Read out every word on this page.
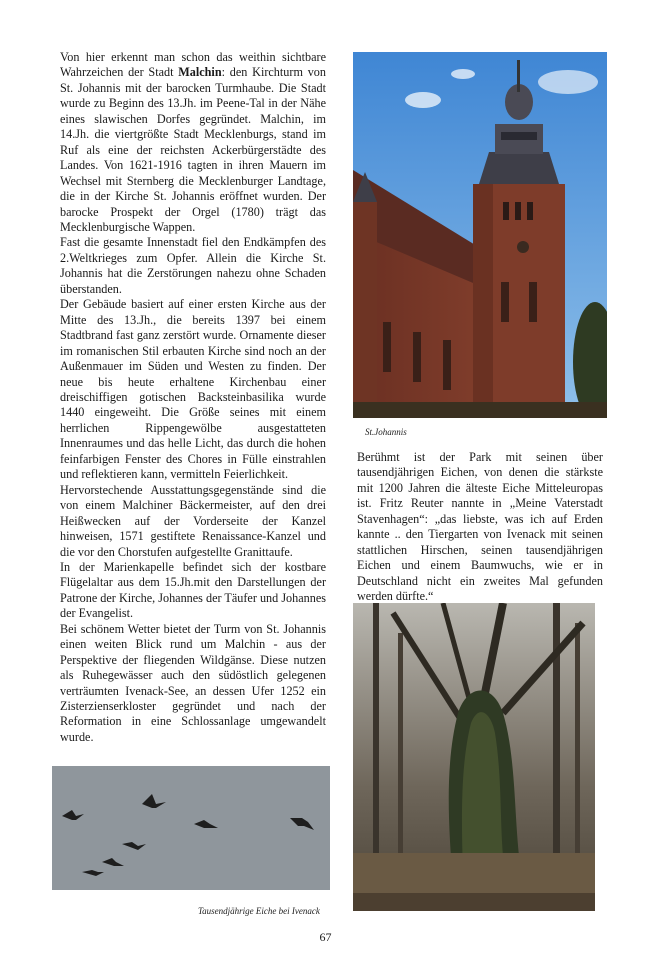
Von hier erkennt man schon das weithin sichtbare Wahrzeichen der Stadt Malchin: den Kirchturm von St. Johannis mit der barocken Turmhaube. Die Stadt wurde zu Beginn des 13.Jh. im Peene-Tal in der Nähe eines slawischen Dorfes gegründet. Malchin, im 14.Jh. die viertgrößte Stadt Mecklenburgs, stand im Ruf als eine der reichsten Ackerbürgerstädte des Landes. Von 1621-1916 tagten in ihren Mauern im Wechsel mit Sternberg die Mecklenburger Landtage, die in der Kirche St. Johannis eröffnet wurden. Der barocke Prospekt der Orgel (1780) trägt das Mecklenburgische Wappen.

Fast die gesamte Innenstadt fiel den Endkämpfen des 2.Weltkrieges zum Opfer. Allein die Kirche St. Johannis hat die Zerstörungen nahezu ohne Schaden überstanden.

Der Gebäude basiert auf einer ersten Kirche aus der Mitte des 13.Jh., die bereits 1397 bei einem Stadtbrand fast ganz zerstört wurde. Ornamente dieser im romanischen Stil erbauten Kirche sind noch an der Außenmauer im Süden und Westen zu finden. Der neue bis heute erhaltene Kirchenbau einer dreischiffigen gotischen Backsteinbasilika wurde 1440 eingeweiht. Die Größe seines mit einem herrlichen Rippengewölbe ausgestatteten Innenraumes und das helle Licht, das durch die hohen feinfarbigen Fenster des Chores in Fülle einstrahlen und reflektieren kann, vermitteln Feierlichkeit.

Hervorstechende Ausstattungsgegenstände sind die von einem Malchiner Bäckermeister, auf den drei Heißwecken auf der Vorderseite der Kanzel hinweisen, 1571 gestiftete Renaissance-Kanzel und die vor den Chorstufen aufgestellte Granittaufe.

In der Marienkapelle befindet sich der kostbare Flügelaltar aus dem 15.Jh.mit den Darstellungen der Patrone der Kirche, Johannes der Täufer und Johannes der Evangelist.

Bei schönem Wetter bietet der Turm von St. Johannis einen weiten Blick rund um Malchin - aus der Perspektive der fliegenden Wildgänse. Diese nutzen als Ruhegewässer auch den südöstlich gelegenen verträumten Ivenack-See, an dessen Ufer 1252 ein Zisterzienserkloster gegründet und nach der Reformation in eine Schlossanlage umgewandelt wurde.

St.Johannis

Berühmt ist der Park mit seinen über tausendjährigen Eichen, von denen die stärkste mit 1200 Jahren die älteste Eiche Mitteleuropas ist. Fritz Reuter nannte in „Meine Vaterstadt Stavenhagen“: „das liebste, was ich auf Erden kannte .. den Tiergarten von Ivenack mit seinen stattlichen Hirschen, seinen tausendjährigen Eichen und einem Baumwuchs, wie er in Deutschland nicht ein zweites Mal gefunden werden dürfte.“

Tausendjährige Eiche bei Ivenack
67
